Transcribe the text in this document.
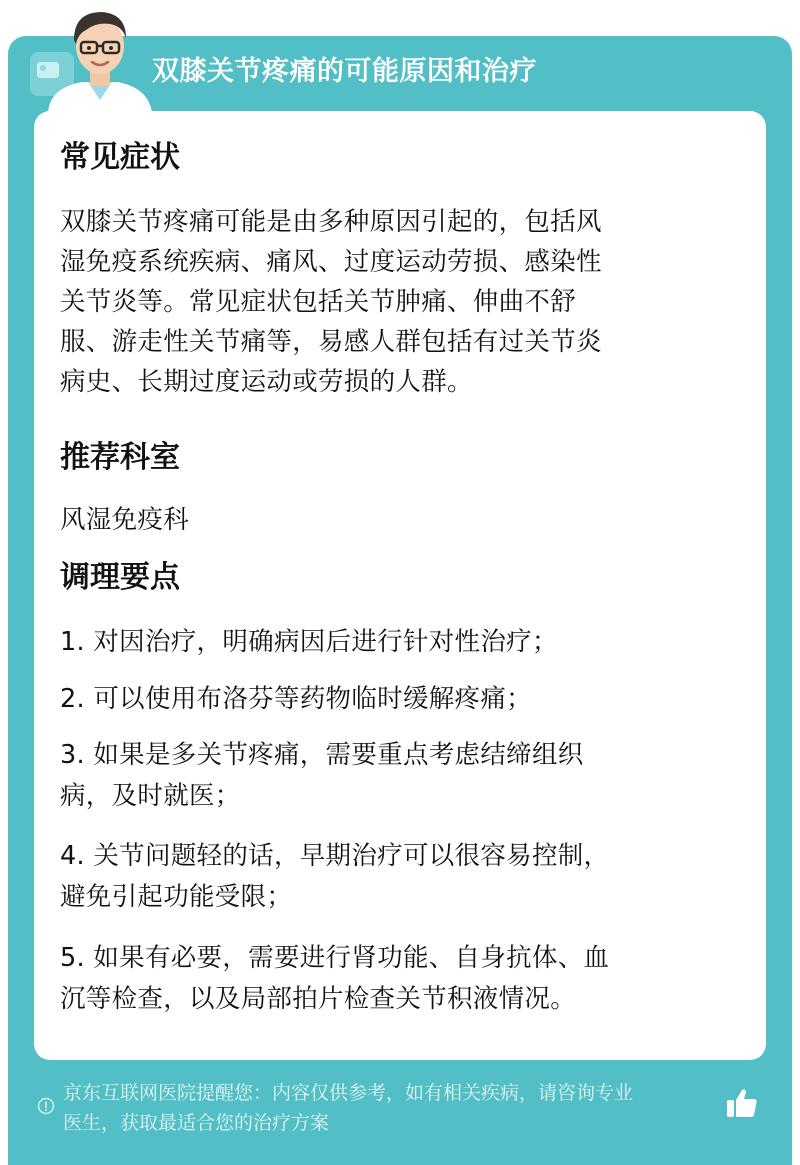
双膝关节疼痛的可能原因和治疗
常见症状
双膝关节疼痛可能是由多种原因引起的，包括风
湿免疫系统疾病、痛风、过度运动劳损、感染性
关节炎等。常见症状包括关节肿痛、伸曲不舒
服、游走性关节痛等，易感人群包括有过关节炎
病史、长期过度运动或劳损的人群。
推荐科室
风湿免疫科
调理要点
1. 对因治疗，明确病因后进行针对性治疗；
2. 可以使用布洛芬等药物临时缓解疼痛；
3. 如果是多关节疼痛，需要重点考虑结缔组织
病，及时就医；
4. 关节问题轻的话，早期治疗可以很容易控制，
避免引起功能受限；
5. 如果有必要，需要进行肾功能、自身抗体、血
沉等检查，以及局部拍片检查关节积液情况。
京东互联网医院提醒您：内容仅供参考，如有相关疾病，请咨询专业
医生，获取最适合您的治疗方案
